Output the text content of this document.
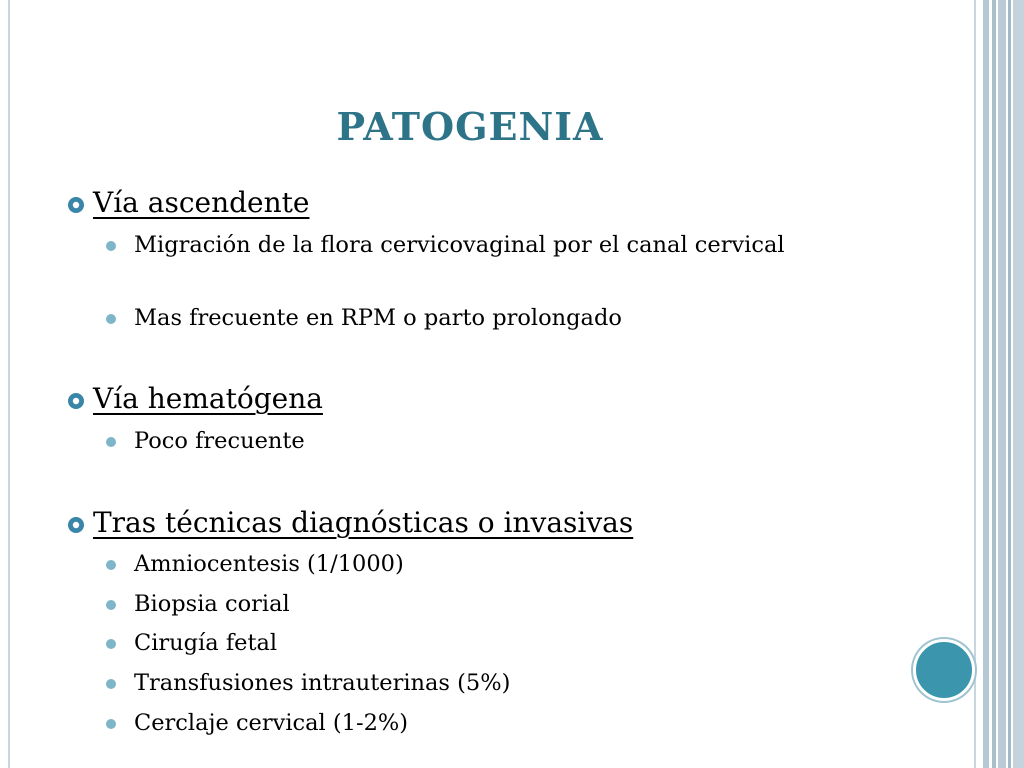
PATOGENIA
Vía ascendente
Migración de la flora cervicovaginal por el canal cervical
Mas frecuente en RPM o parto prolongado
Vía hematógena
Poco frecuente
Tras técnicas diagnósticas o invasivas
Amniocentesis (1/1000)
Biopsia corial
Cirugía fetal
Transfusiones intrauterinas (5%)
Cerclaje cervical (1-2%)
